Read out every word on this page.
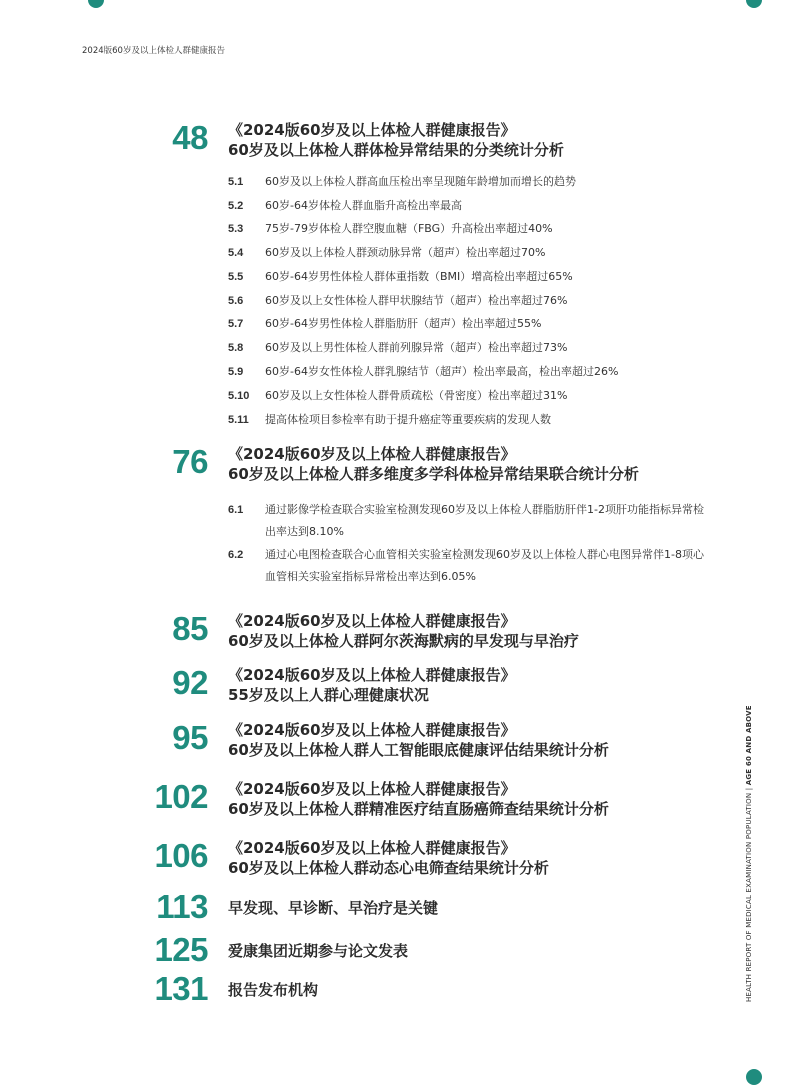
2024版60岁及以上体检人群健康报告
HEALTH REPORT OF MEDICAL EXAMINATION POPULATION | AGE 60 AND ABOVE
48 《2024版60岁及以上体检人群健康报告》
60岁及以上体检人群体检异常结果的分类统计分析
5.1 60岁及以上体检人群高血压检出率呈现随年龄增加而增长的趋势
5.2 60岁-64岁体检人群血脂升高检出率最高
5.3 75岁-79岁体检人群空腹血糖（FBG）升高检出率超过40%
5.4 60岁及以上体检人群颈动脉异常（超声）检出率超过70%
5.5 60岁-64岁男性体检人群体重指数（BMI）增高检出率超过65%
5.6 60岁及以上女性体检人群甲状腺结节（超声）检出率超过76%
5.7 60岁-64岁男性体检人群脂肪肝（超声）检出率超过55%
5.8 60岁及以上男性体检人群前列腺异常（超声）检出率超过73%
5.9 60岁-64岁女性体检人群乳腺结节（超声）检出率最高，检出率超过26%
5.10 60岁及以上女性体检人群骨质疏松（骨密度）检出率超过31%
5.11 提高体检项目参检率有助于提升癌症等重要疾病的发现人数
76 《2024版60岁及以上体检人群健康报告》
60岁及以上体检人群多维度多学科体检异常结果联合统计分析
6.1 通过影像学检查联合实验室检测发现60岁及以上体检人群脂肪肝伴1-2项肝功能指标异常检出率达到8.10%
6.2 通过心电图检查联合心血管相关实验室检测发现60岁及以上体检人群心电图异常伴1-8项心血管相关实验室指标异常检出率达到6.05%
85 《2024版60岁及以上体检人群健康报告》
60岁及以上体检人群阿尔茨海默病的早发现与早治疗
92 《2024版60岁及以上体检人群健康报告》
55岁及以上人群心理健康状况
95 《2024版60岁及以上体检人群健康报告》
60岁及以上体检人群人工智能眼底健康评估结果统计分析
102 《2024版60岁及以上体检人群健康报告》
60岁及以上体检人群精准医疗结直肠癌筛查结果统计分析
106 《2024版60岁及以上体检人群健康报告》
60岁及以上体检人群动态心电筛查结果统计分析
113 早发现、早诊断、早治疗是关键
125 爱康集团近期参与论文发表
131 报告发布机构
